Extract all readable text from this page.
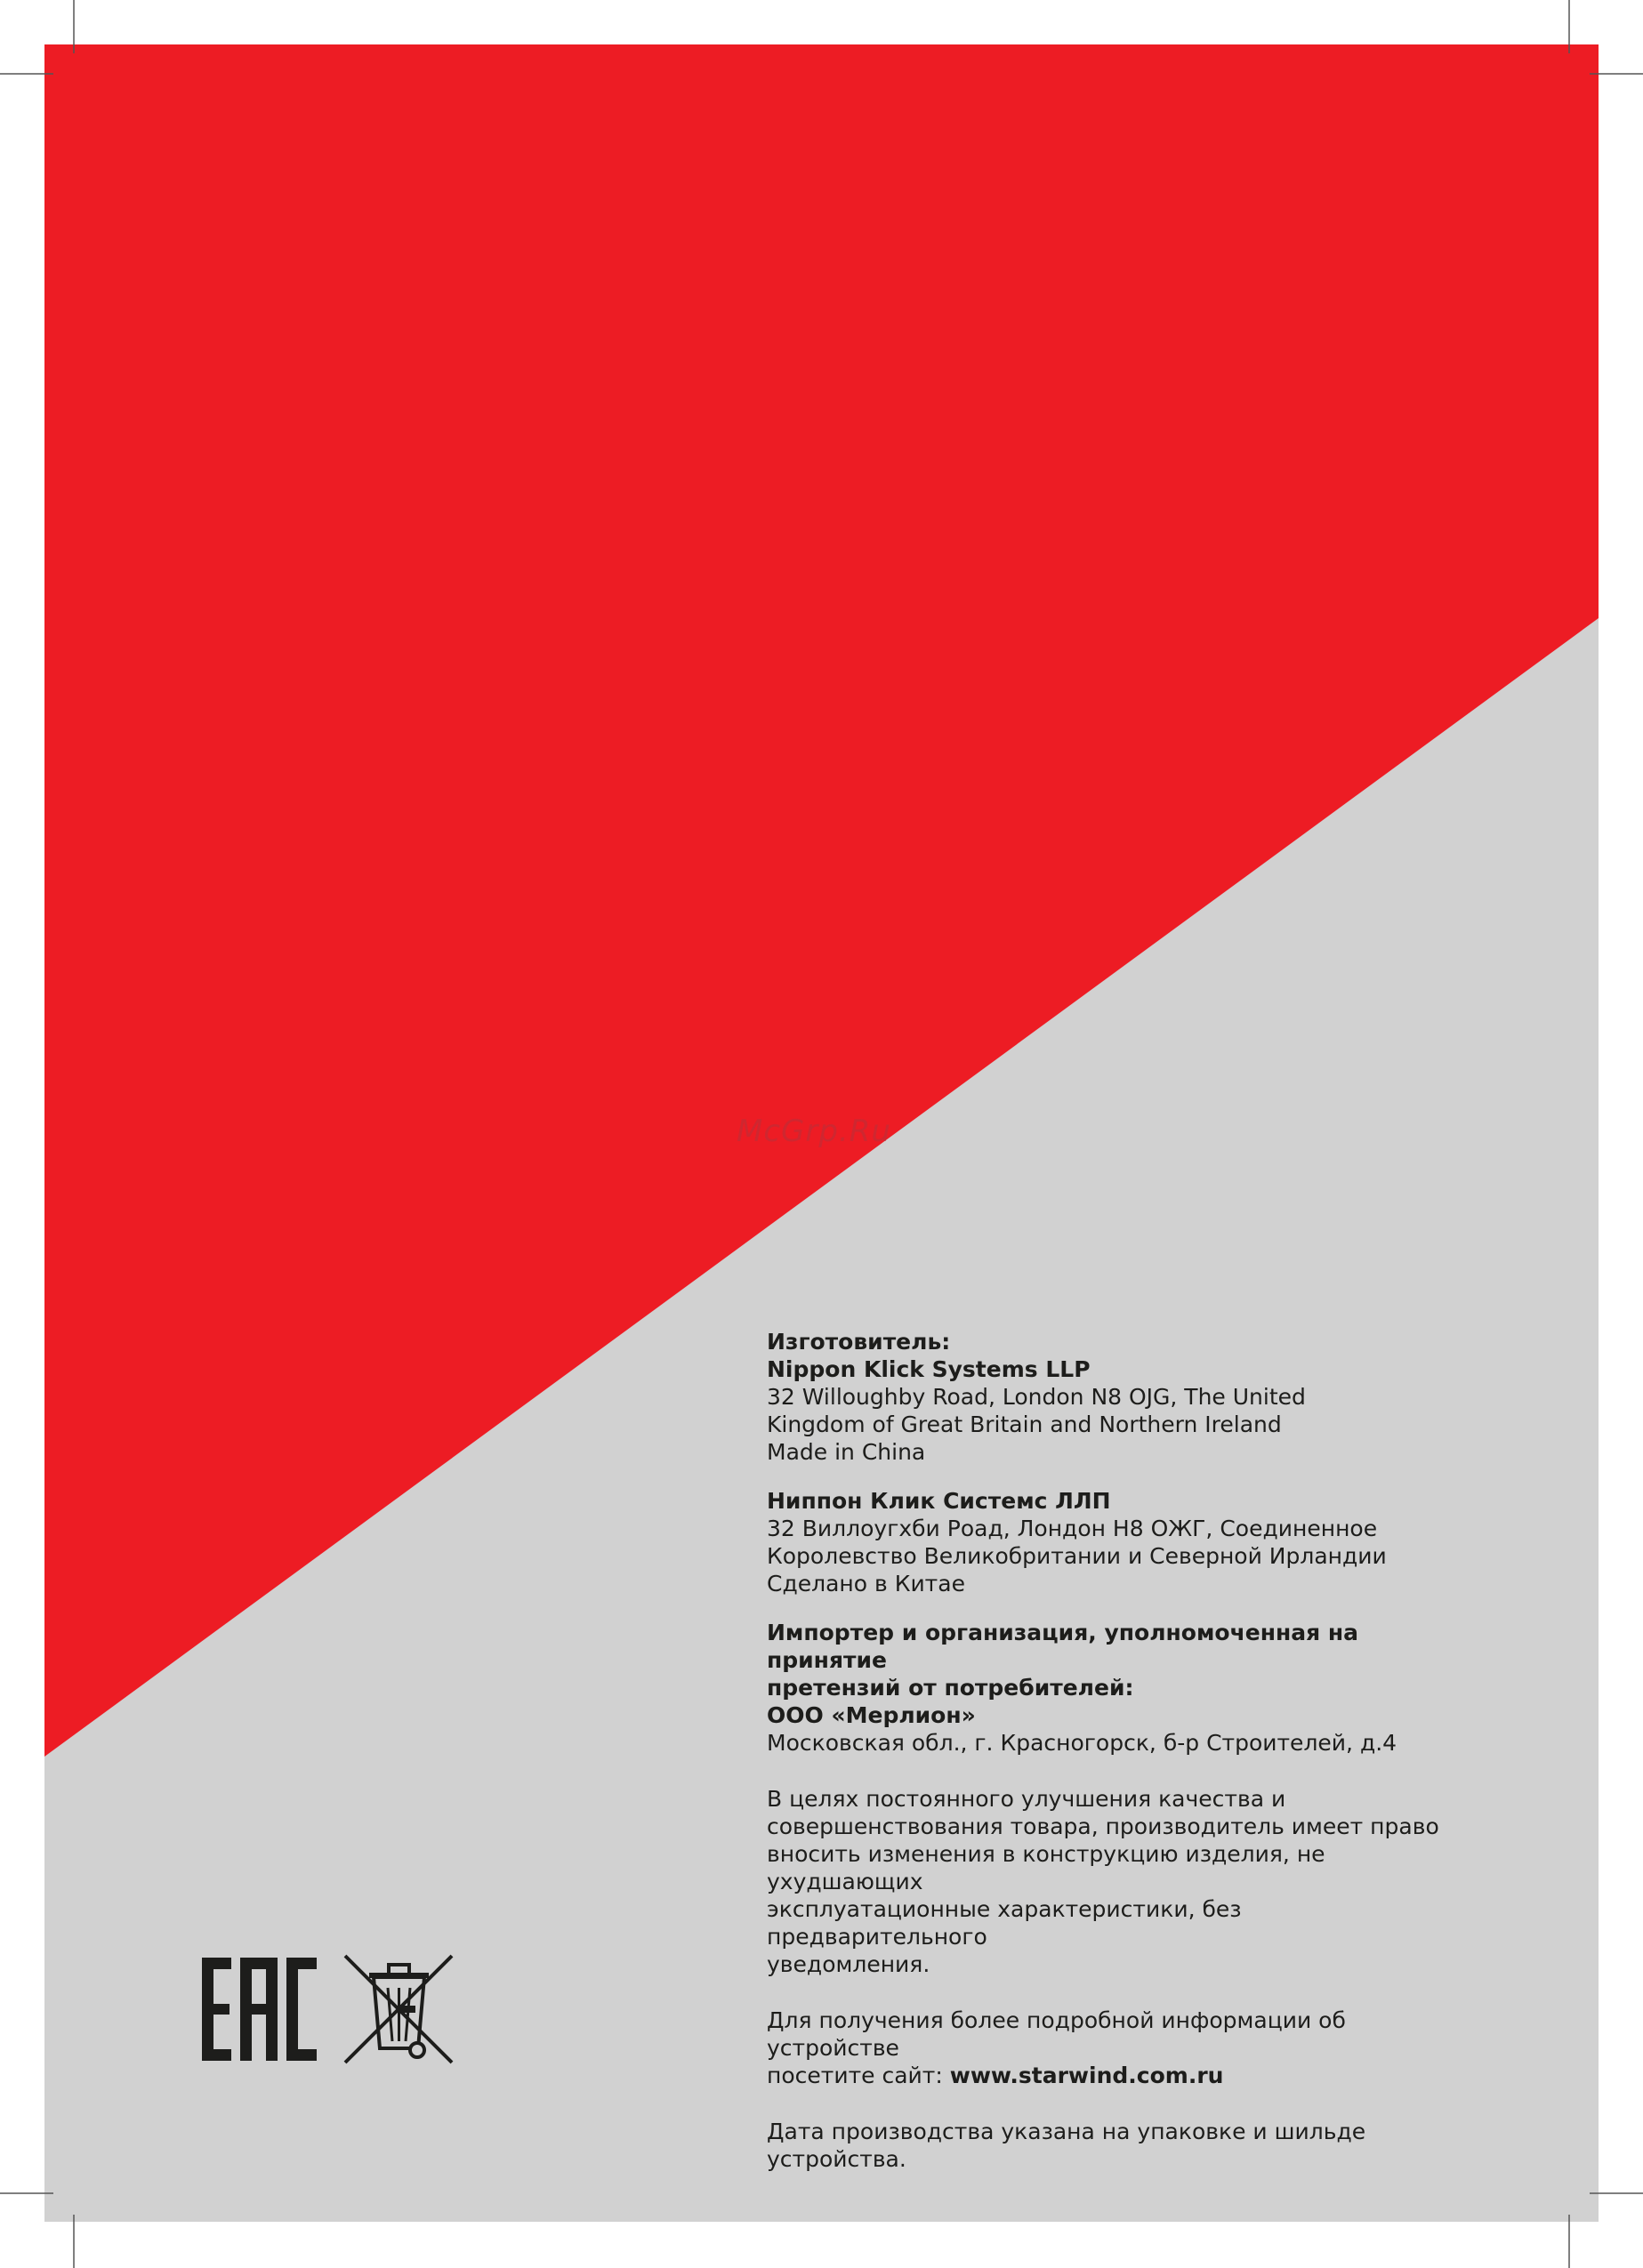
McGrp.Ru

Изготовитель:

Nippon Klick Systems LLP

32 Willoughby Road, London N8 OJG, The United

Kingdom of Great Britain and Northern Ireland

Made in China

Ниппон Клик Системс ЛЛП

32 Виллоугхби Роад, Лондон Н8 ОЖГ, Соединенное

Королевство Великобритании и Северной Ирландии

Сделано в Китае

Импортер и организация, уполномоченная на принятие

претензий от потребителей:

ООО «Мерлион»

Московская обл., г. Красногорск, б-р Строителей, д.4

В целях постоянного улучшения качества и

совершенствования товара, производитель имеет право

вносить изменения в конструкцию изделия, не ухудшающих

эксплуатационные характеристики, без предварительного

уведомления.

Для получения более подробной информации об устройстве

посетите сайт: www.starwind.com.ru

Дата производства указана на упаковке и шильде

устройства.
